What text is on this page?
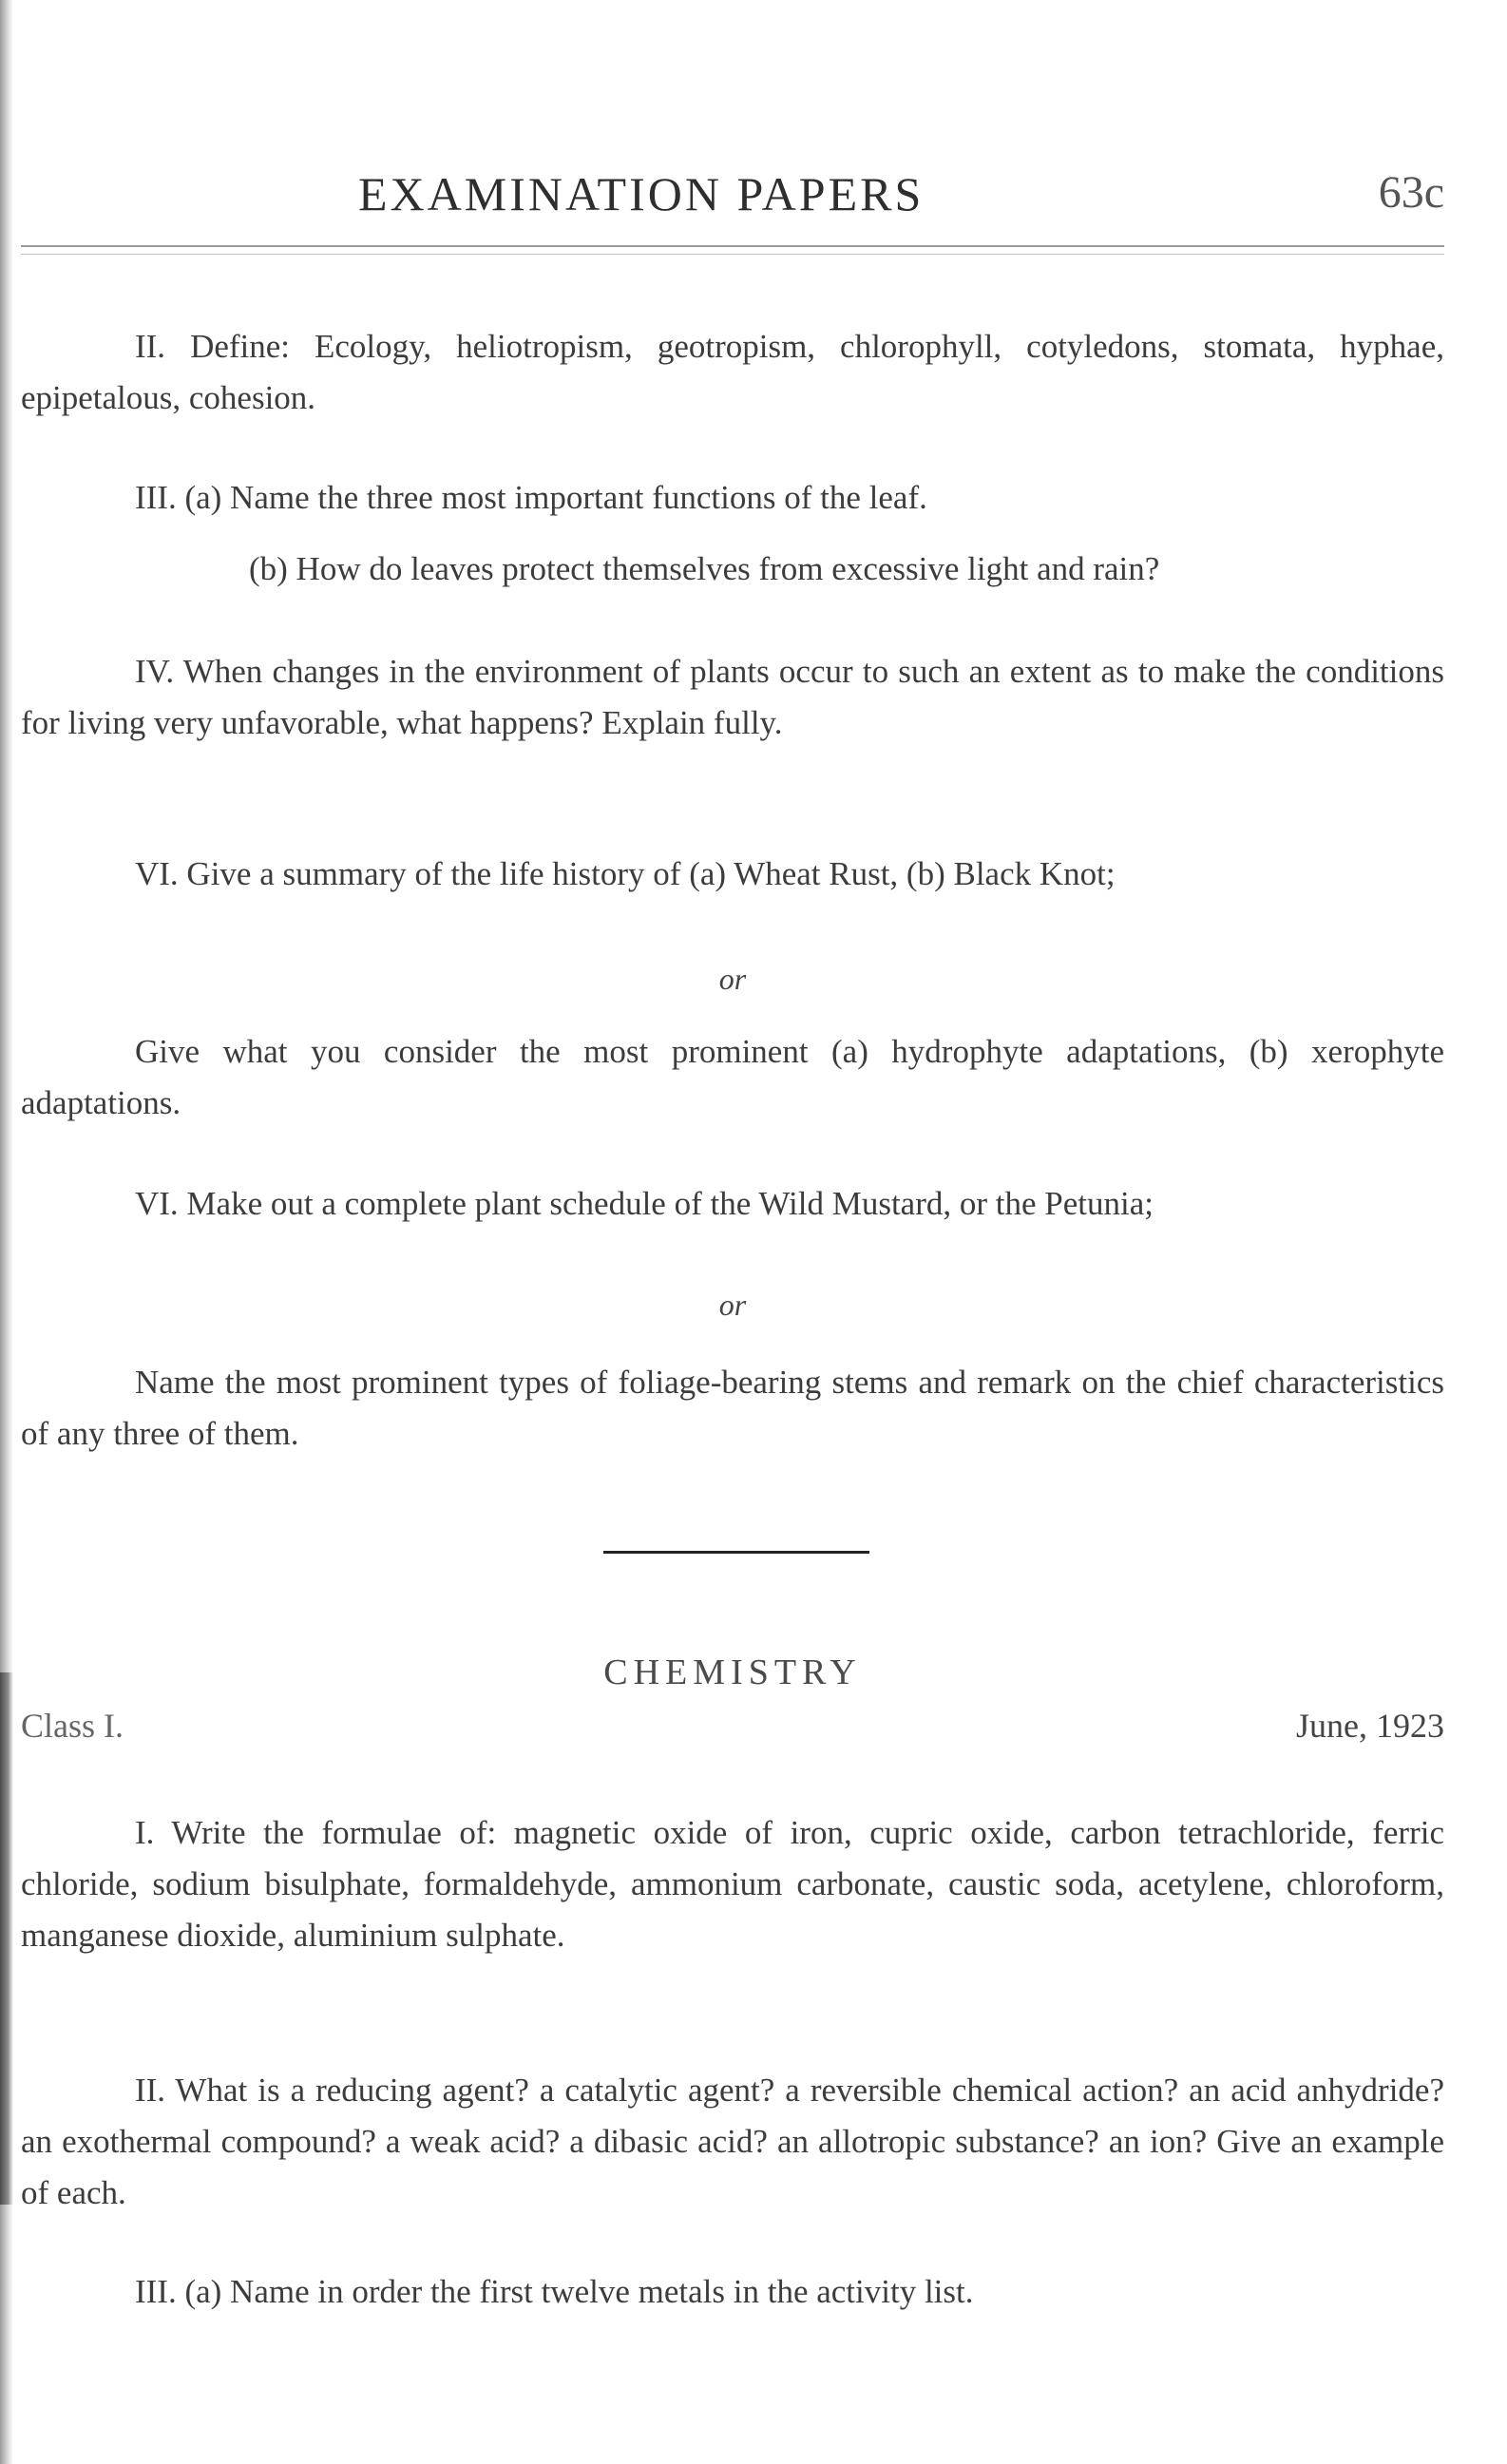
EXAMINATION PAPERS	63c
II. Define: Ecology, heliotropism, geotropism, chlorophyll, cotyledons, stomata, hyphae, epipetalous, cohesion.
III. (a) Name the three most important functions of the leaf.
(b) How do leaves protect themselves from excessive light and rain?
IV. When changes in the environment of plants occur to such an extent as to make the conditions for living very unfavorable, what happens? Explain fully.
VI. Give a summary of the life history of (a) Wheat Rust, (b) Black Knot;
or
Give what you consider the most prominent (a) hydrophyte adaptations, (b) xerophyte adaptations.
VI. Make out a complete plant schedule of the Wild Mustard, or the Petunia;
or
Name the most prominent types of foliage-bearing stems and remark on the chief characteristics of any three of them.
CHEMISTRY
Class I.	June, 1923
I. Write the formulae of: magnetic oxide of iron, cupric oxide, carbon tetrachloride, ferric chloride, sodium bisulphate, formaldehyde, ammonium carbonate, caustic soda, acetylene, chloroform, manganese dioxide, aluminium sulphate.
II. What is a reducing agent? a catalytic agent? a reversible chemical action? an acid anhydride? an exothermal compound? a weak acid? a dibasic acid? an allotropic substance? an ion? Give an example of each.
III. (a) Name in order the first twelve metals in the activity list.
